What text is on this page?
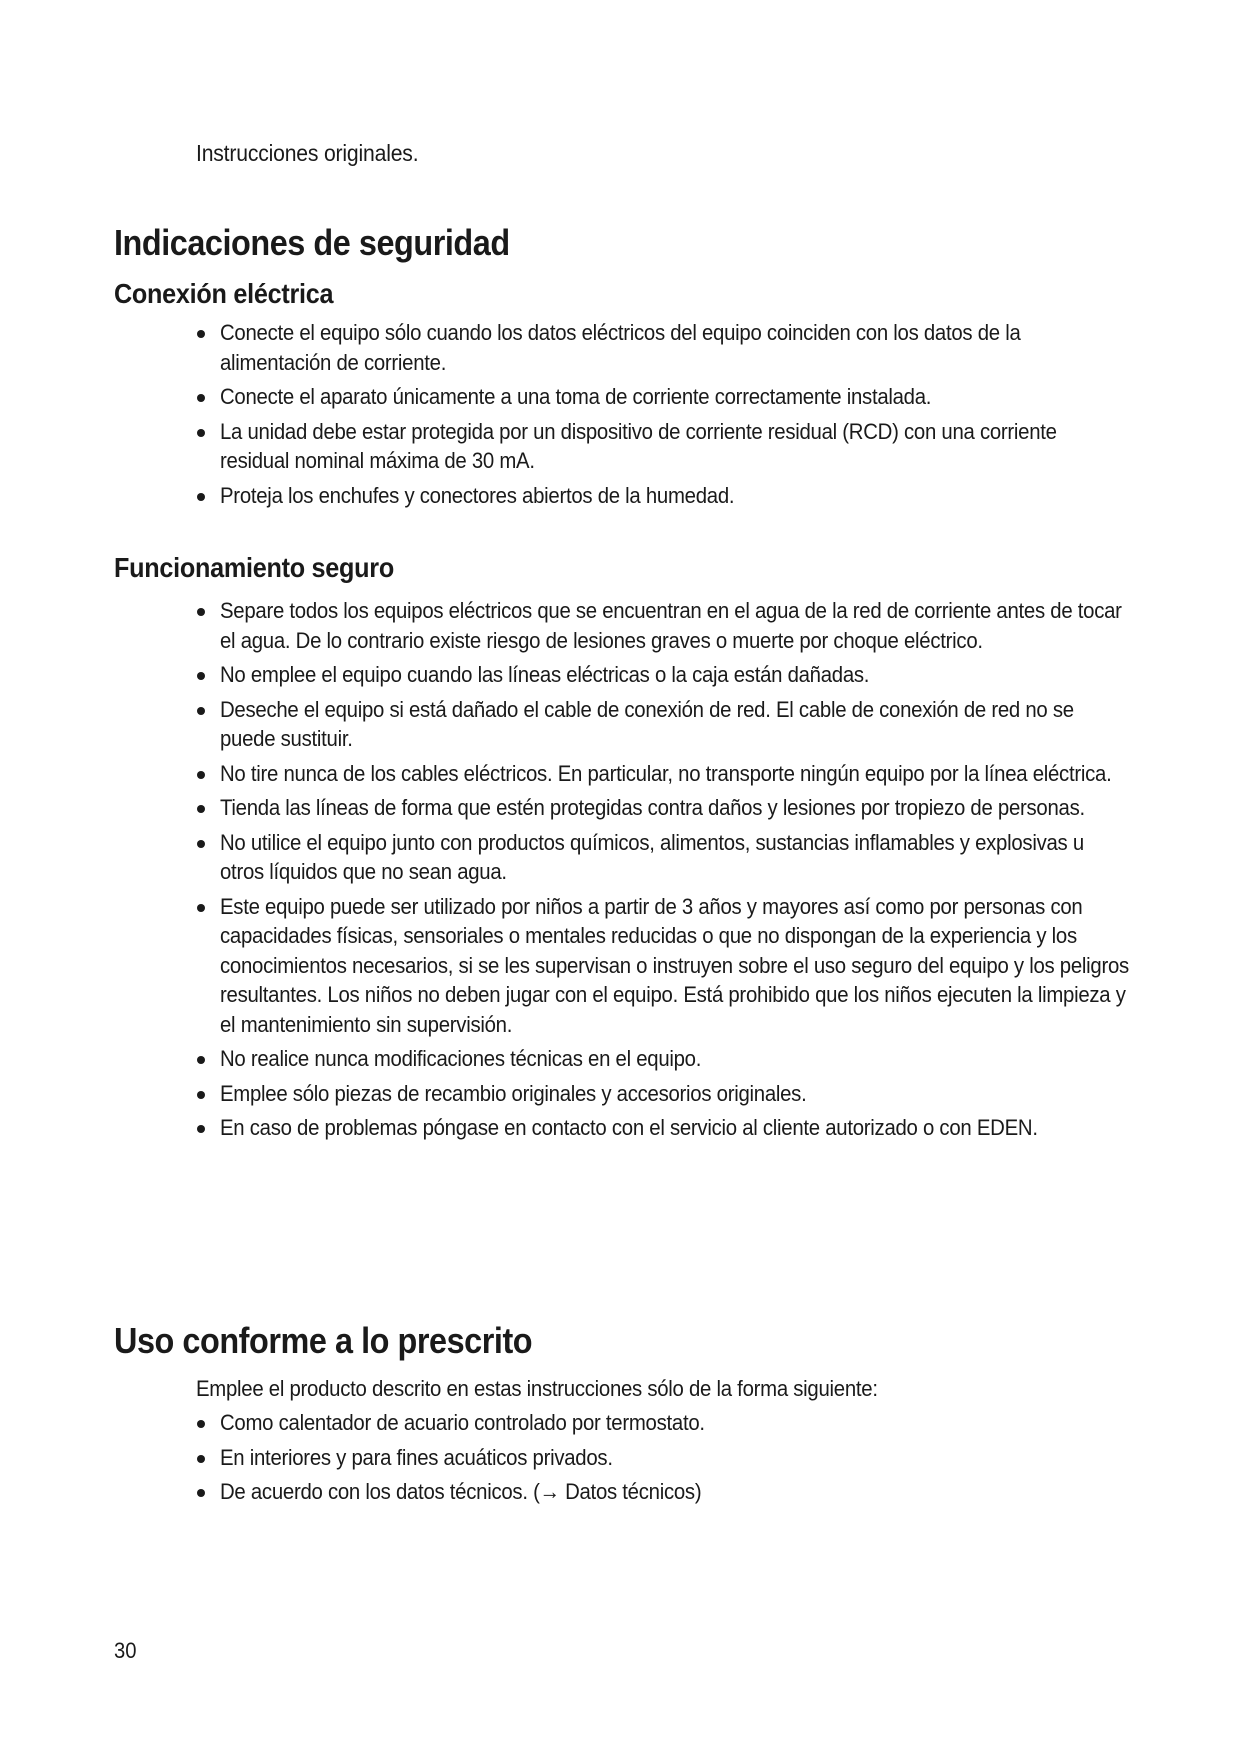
Instrucciones originales.
Indicaciones de seguridad
Conexión eléctrica
Conecte el equipo sólo cuando los datos eléctricos del equipo coinciden con los datos de la alimentación de corriente.
Conecte el aparato únicamente a una toma de corriente correctamente instalada.
La unidad debe estar protegida por un dispositivo de corriente residual (RCD) con una corriente residual nominal máxima de 30 mA.
Proteja los enchufes y conectores abiertos de la humedad.
Funcionamiento seguro
Separe todos los equipos eléctricos que se encuentran en el agua de la red de corriente antes de tocar el agua. De lo contrario existe riesgo de lesiones graves o muerte por choque eléctrico.
No emplee el equipo cuando las líneas eléctricas o la caja están dañadas.
Deseche el equipo si está dañado el cable de conexión de red. El cable de conexión de red no se puede sustituir.
No tire nunca de los cables eléctricos. En particular, no transporte ningún equipo por la línea eléctrica.
Tienda las líneas de forma que estén protegidas contra daños y lesiones por tropiezo de personas.
No utilice el equipo junto con productos químicos, alimentos, sustancias inflamables y explosivas u otros líquidos que no sean agua.
Este equipo puede ser utilizado por niños a partir de 3 años y mayores así como por personas con capacidades físicas, sensoriales o mentales reducidas o que no dispongan de la experiencia y los conocimientos necesarios, si se les supervisan o instruyen sobre el uso seguro del equipo y los peligros resultantes. Los niños no deben jugar con el equipo. Está prohibido que los niños ejecuten la limpieza y el mantenimiento sin supervisión.
No realice nunca modificaciones técnicas en el equipo.
Emplee sólo piezas de recambio originales y accesorios originales.
En caso de problemas póngase en contacto con el servicio al cliente autorizado o con EDEN.
Uso conforme a lo prescrito

Emplee el producto descrito en estas instrucciones sólo de la forma siguiente:

Como calentador de acuario controlado por termostato.
En interiores y para fines acuáticos privados.
De acuerdo con los datos técnicos. (→ Datos técnicos)
30
